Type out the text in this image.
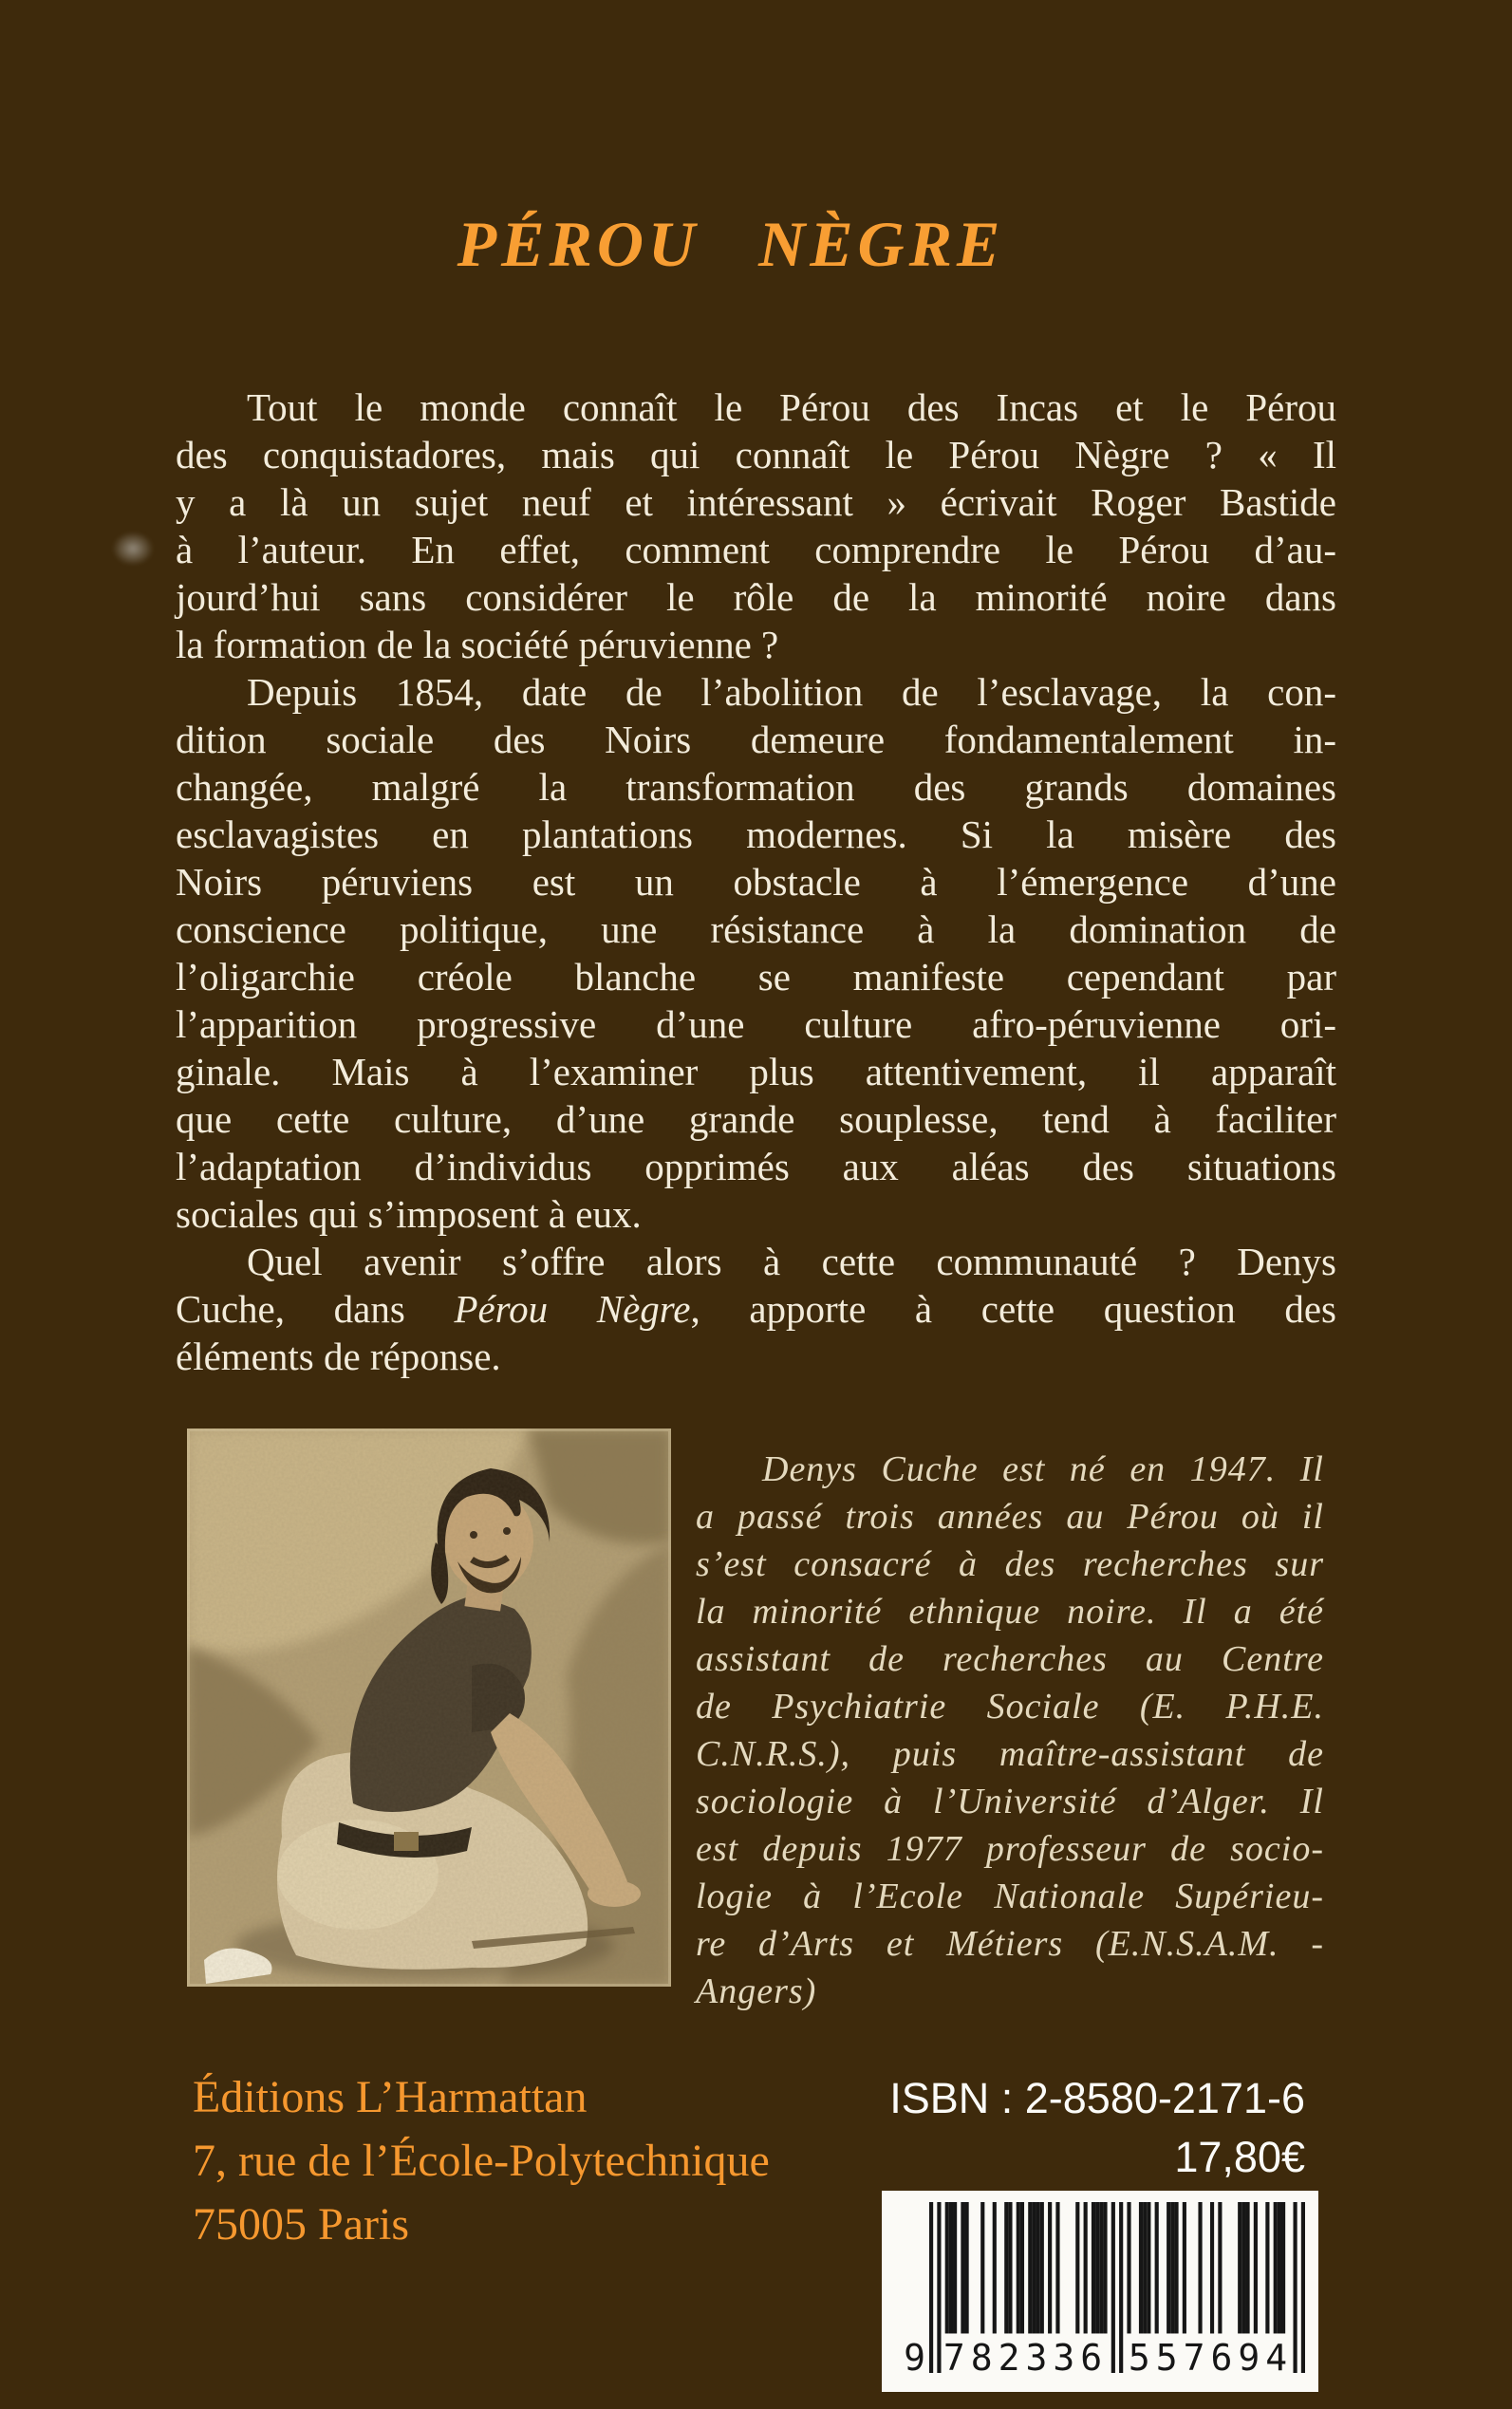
PÉROU NÈGRE
Tout le monde connaît le Pérou des Incas et le Pérou
des conquistadores, mais qui connaît le Pérou Nègre ? « Il
y a là un sujet neuf et intéressant » écrivait Roger Bastide
à l’auteur. En effet, comment comprendre le Pérou d’au-
jourd’hui sans considérer le rôle de la minorité noire dans
la formation de la société péruvienne ?
Depuis 1854, date de l’abolition de l’esclavage, la con-
dition sociale des Noirs demeure fondamentalement in-
changée, malgré la transformation des grands domaines
esclavagistes en plantations modernes. Si la misère des
Noirs péruviens est un obstacle à l’émergence d’une
conscience politique, une résistance à la domination de
l’oligarchie créole blanche se manifeste cependant par
l’apparition progressive d’une culture afro-péruvienne ori-
ginale. Mais à l’examiner plus attentivement, il apparaît
que cette culture, d’une grande souplesse, tend à faciliter
l’adaptation d’individus opprimés aux aléas des situations
sociales qui s’imposent à eux.
Quel avenir s’offre alors à cette communauté ? Denys
Cuche, dans Pérou Nègre, apporte à cette question des
éléments de réponse.
Denys Cuche est né en 1947. Il
a passé trois années au Pérou où il
s’est consacré à des recherches sur
la minorité ethnique noire. Il a été
assistant de recherches au Centre
de Psychiatrie Sociale (E. P.H.E.
C.N.R.S.), puis maître-assistant de
sociologie à l’Université d’Alger. Il
est depuis 1977 professeur de socio-
logie à l’Ecole Nationale Supérieu-
re d’Arts et Métiers (E.N.S.A.M. -
Angers)
Éditions L’Harmattan
7, rue de l’École-Polytechnique
75005 Paris
ISBN : 2-8580-2171-6
17,80€
9 782336 557694
